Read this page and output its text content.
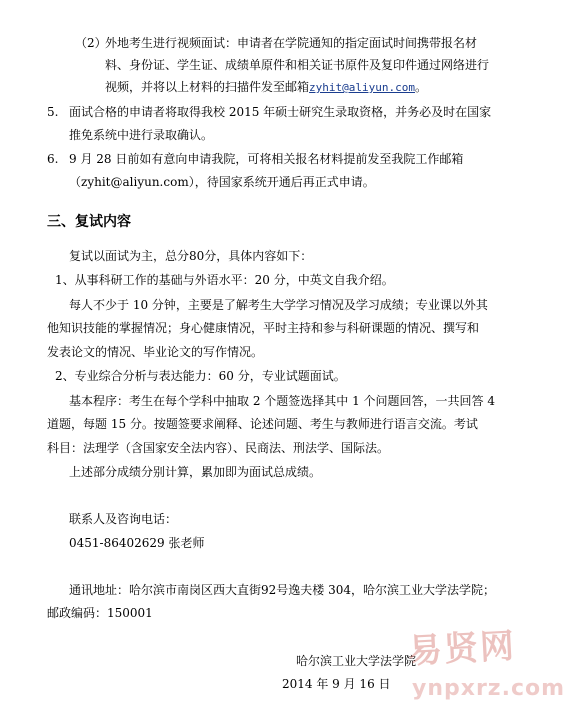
（2）
外地考生进行视频面试：申请者在学院通知的指定面试时间携带报名材
料、身份证、学生证、成绩单原件和相关证书原件及复印件通过网络进行
视频，并将以上材料的扫描件发至邮箱zyhit@aliyun.com。
5. 面试合格的申请者将取得我校 2015 年硕士研究生录取资格，并务必及时在国家
推免系统中进行录取确认。
6. 9 月 28 日前如有意向申请我院，可将相关报名材料提前发至我院工作邮箱
（zyhit@aliyun.com），待国家系统开通后再正式申请。
三、复试内容
复试以面试为主，总分80分，具体内容如下：
1、从事科研工作的基础与外语水平：20 分，中英文自我介绍。
每人不少于 10 分钟，主要是了解考生大学学习情况及学习成绩；专业课以外其
他知识技能的掌握情况；身心健康情况，平时主持和参与科研课题的情况、撰写和
发表论文的情况、毕业论文的写作情况。
2、专业综合分析与表达能力：60 分，专业试题面试。
基本程序：考生在每个学科中抽取 2 个题签选择其中 1 个问题回答，一共回答 4
道题，每题 15 分。按题签要求阐释、论述问题、考生与教师进行语言交流。考试
科目：法理学（含国家安全法内容）、民商法、刑法学、国际法。
上述部分成绩分别计算，累加即为面试总成绩。
联系人及咨询电话：
0451-86402629 张老师
通讯地址：哈尔滨市南岗区西大直街92号逸夫楼 304，哈尔滨工业大学法学院；
邮政编码：150001
哈尔滨工业大学法学院
2014 年 9 月 16 日
易贤网
ynpxrz.com
